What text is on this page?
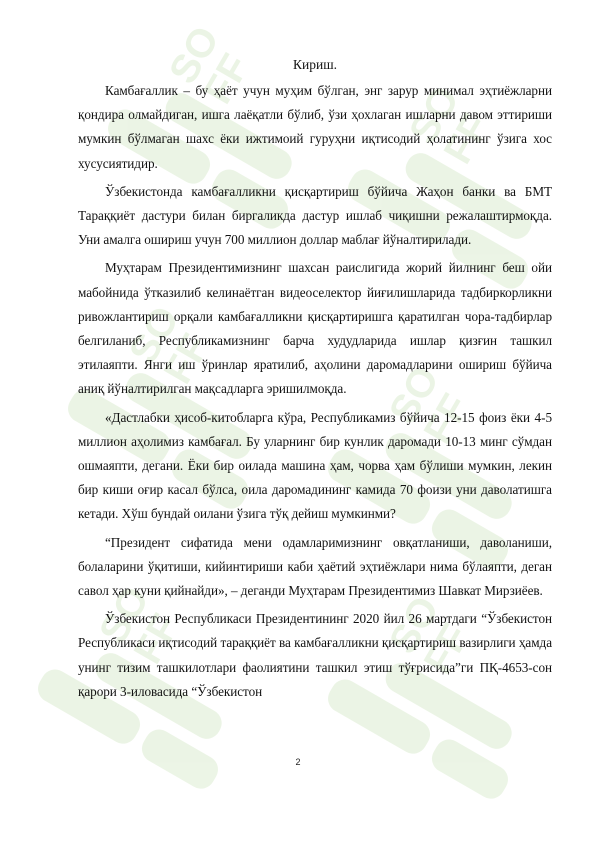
SOFF
SOFF
SOFF
SOFF
SOFF	SOFF
Кириш.

Камбағаллик – бу ҳаёт учун муҳим бўлган, энг зарур минимал эҳтиёжларни қондира олмайдиган, ишга лаёқатли бўлиб, ўзи ҳохлаган ишларни давом эттириши мумкин бўлмаган шахс ёки ижтимоий гуруҳни иқтисодий ҳолатининг ўзига хос хусусиятидир.

Ўзбекистонда камбағалликни қисқартириш бўйича Жаҳон банки ва БМТ Тараққиёт дастури билан биргаликда дастур ишлаб чиқишни режалаштирмоқда. Уни амалга ошириш учун 700 миллион доллар маблағ йўналтирилади.

Муҳтарам Президентимизнинг шахсан раислигида жорий йилнинг беш ойи мабойнида ўтказилиб келинаётган видеоселектор йиғилишларида тадбиркорликни ривожлантириш орқали камбағалликни қисқартиришга қаратилган чора-тадбирлар белгиланиб, Республикамизнинг барча худудларида ишлар қизғин ташкил этилаяпти. Янги иш ўринлар яратилиб, аҳолини даромадларини ошириш бўйича аниқ йўналтирилган мақсадларга эришилмоқда.

«Дастлабки ҳисоб-китобларга кўра, Республикамиз бўйича 12-15 фоиз ёки 4-5 миллион аҳолимиз камбағал. Бу уларнинг бир кунлик даромади 10-13 минг сўмдан ошмаяпти, дегани. Ёки бир оилада машина ҳам, чорва ҳам бўлиши мумкин, лекин бир киши оғир касал бўлса, оила даромадининг камида 70 фоизи уни даволатишга кетади. Хўш бундай оилани ўзига тўқ дейиш мумкинми?

“Президент сифатида мени одамларимизнинг овқатланиши, даволаниши, болаларини ўқитиши, кийинтириши каби ҳаётий эҳтиёжлари нима бўлаяпти, деган савол ҳар куни қийнайди», – деганди Муҳтарам Президентимиз Шавкат Мирзиёев.

Ўзбекистон Республикаси Президентининг 2020 йил 26 мартдаги “Ўзбекистон Республикаси иқтисодий тараққиёт ва камбағалликни қисқартириш вазирлиги ҳамда унинг тизим ташкилотлари фаолиятини ташкил этиш тўғрисида”ги ПҚ-4653-сон қарори 3-иловасида “Ўзбекистон

2
